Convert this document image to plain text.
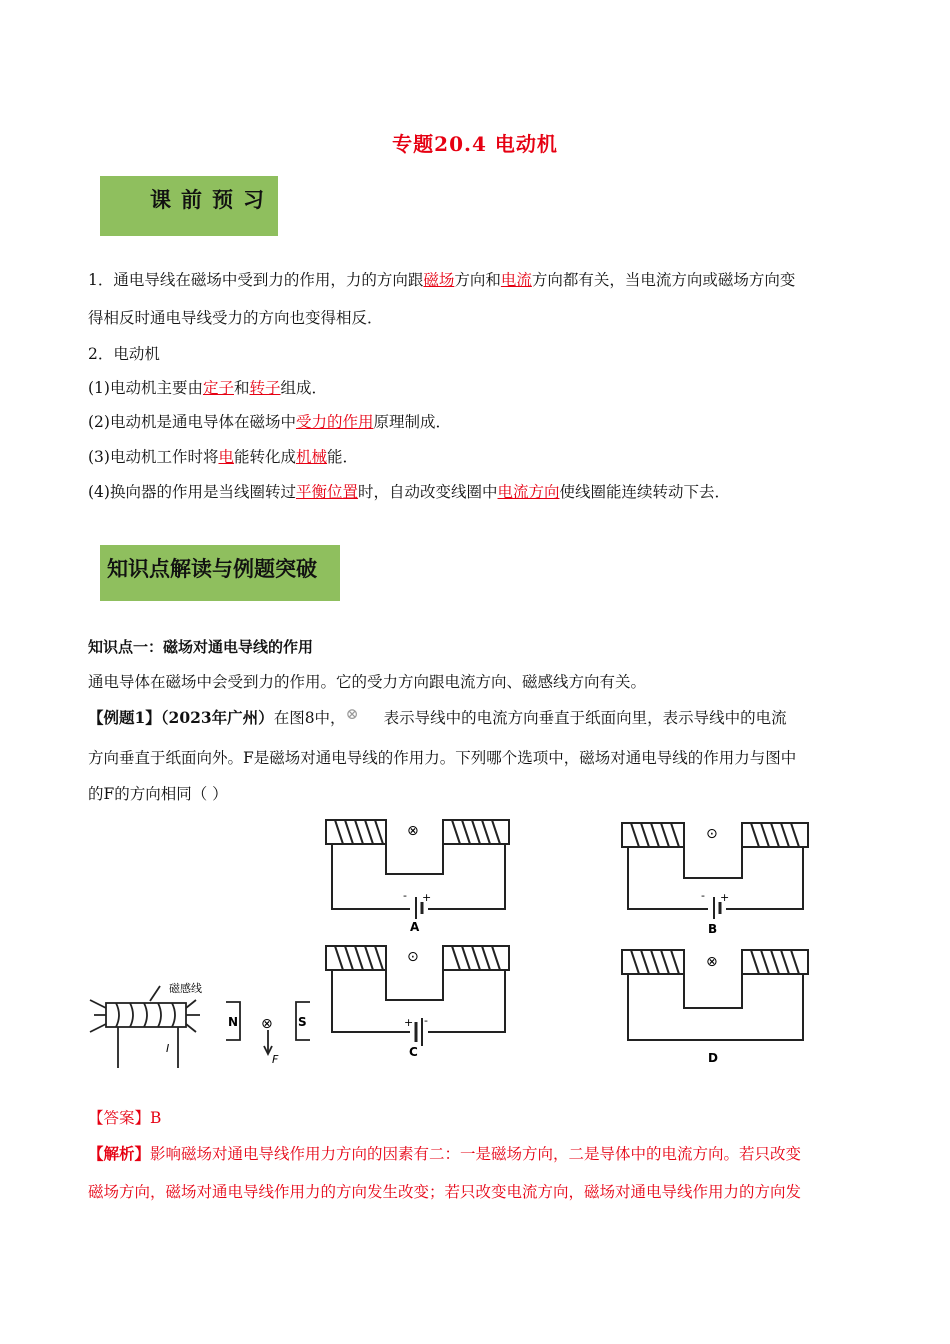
专题20.4 电动机
课前预习
1．通电导线在磁场中受到力的作用，力的方向跟磁场方向和电流方向都有关，当电流方向或磁场方向变
得相反时通电导线受力的方向也变得相反．
2．电动机
(1)电动机主要由定子和转子组成．
(2)电动机是通电导体在磁场中受力的作用原理制成．
(3)电动机工作时将电能转化成机械能．
(4)换向器的作用是当线圈转过平衡位置时，自动改变线圈中电流方向使线圈能连续转动下去．
知识点解读与例题突破
知识点一：磁场对通电导线的作用
通电导体在磁场中会受到力的作用。它的受力方向跟电流方向、磁感线方向有关。
【例题1】（2023年广州）在图8中，⊗ 表示导线中的电流方向垂直于纸面向里，表示导线中的电流
方向垂直于纸面向外。F是磁场对通电导线的作用力。下列哪个选项中，磁场对通电导线的作用力与图中
的F的方向相同（ ）
⊗
- +
A
⊙
- +
B
⊙
+ -
C
⊗
D
磁感线
N	S
⊗
F
I
【答案】B
【解析】影响磁场对通电导线作用力方向的因素有二：一是磁场方向，二是导体中的电流方向。若只改变
磁场方向，磁场对通电导线作用力的方向发生改变；若只改变电流方向，磁场对通电导线作用力的方向发
